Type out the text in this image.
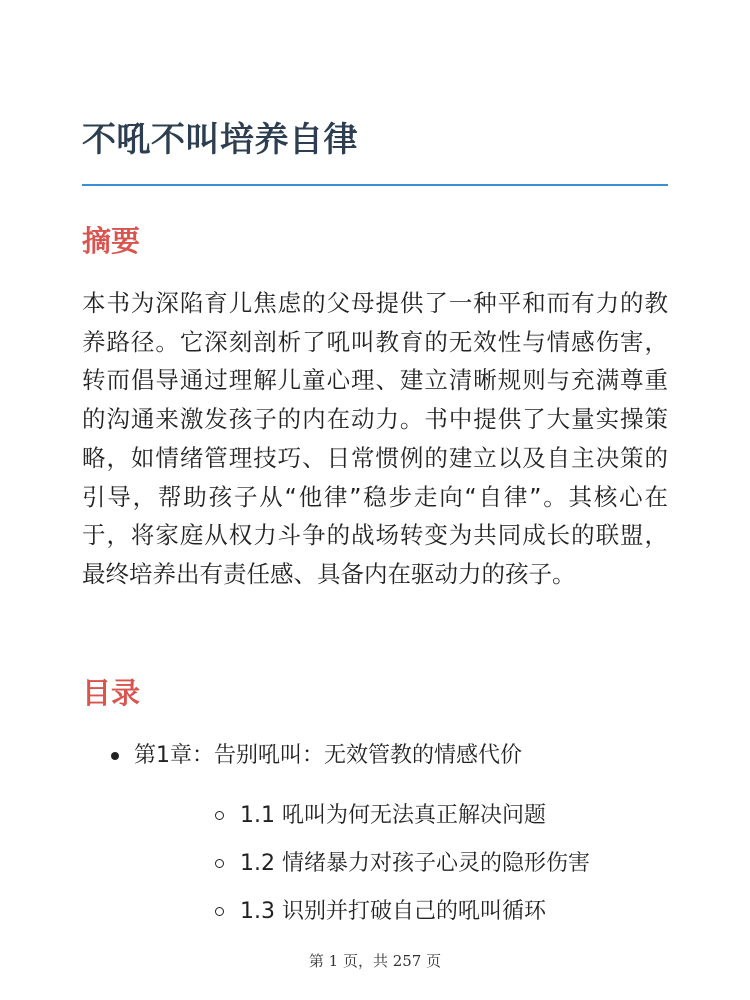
不吼不叫培养自律
摘要

本书为深陷育儿焦虑的父母提供了一种平和而有力的教养路径。它深刻剖析了吼叫教育的无效性与情感伤害，转而倡导通过理解儿童心理、建立清晰规则与充满尊重的沟通来激发孩子的内在动力。书中提供了大量实操策略，如情绪管理技巧、日常惯例的建立以及自主决策的引导，帮助孩子从“他律”稳步走向“自律”。其核心在于，将家庭从权力斗争的战场转变为共同成长的联盟，最终培养出有责任感、具备内在驱动力的孩子。

目录
第1章：告别吼叫：无效管教的情感代价
1.1 吼叫为何无法真正解决问题
1.2 情绪暴力对孩子心灵的隐形伤害
1.3 识别并打破自己的吼叫循环
第 1 页，共 257 页
